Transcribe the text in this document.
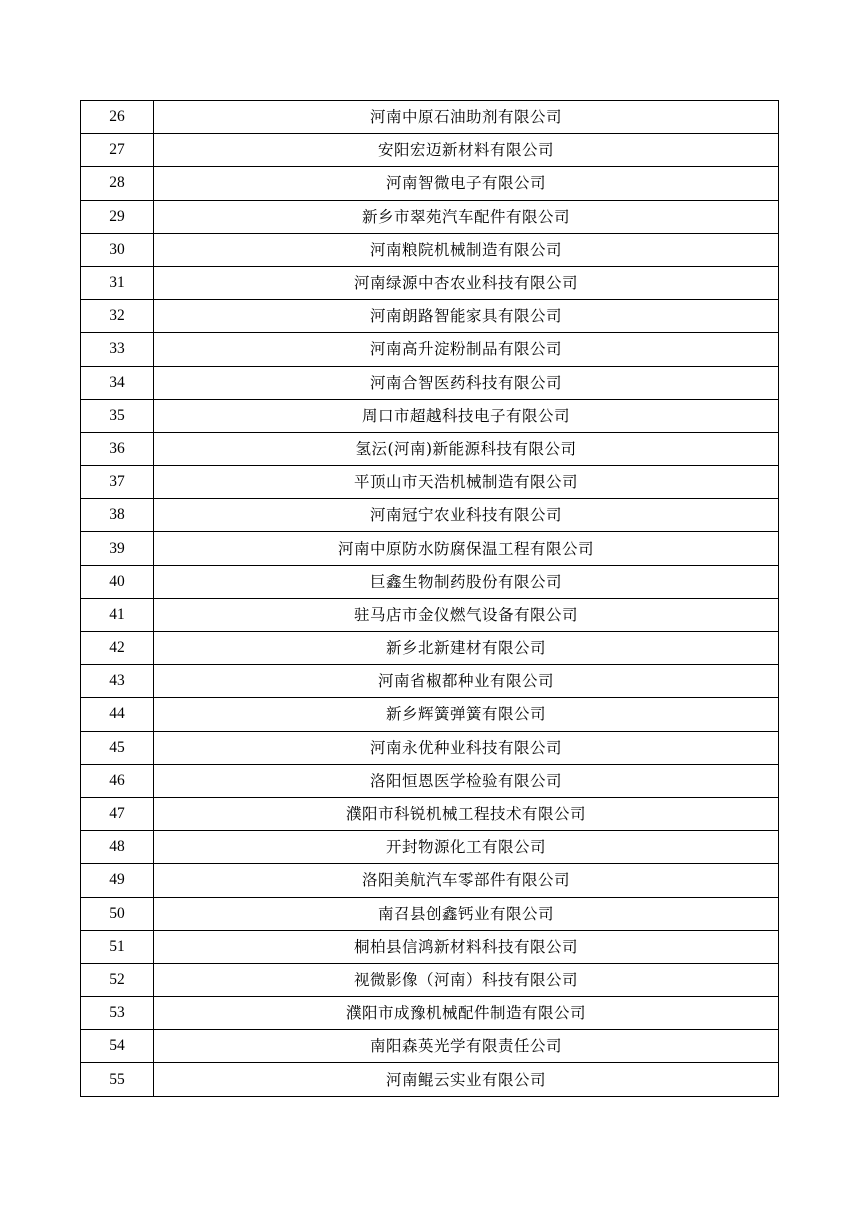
26	河南中原石油助剂有限公司
27	安阳宏迈新材料有限公司
28	河南智微电子有限公司
29	新乡市翠苑汽车配件有限公司
30	河南粮院机械制造有限公司
31	河南绿源中杏农业科技有限公司
32	河南朗路智能家具有限公司
33	河南高升淀粉制品有限公司
34	河南合智医药科技有限公司
35	周口市超越科技电子有限公司
36	氢沄(河南)新能源科技有限公司
37	平顶山市天浩机械制造有限公司
38	河南冠宁农业科技有限公司
39	河南中原防水防腐保温工程有限公司
40	巨鑫生物制药股份有限公司
41	驻马店市金仪燃气设备有限公司
42	新乡北新建材有限公司
43	河南省椒都种业有限公司
44	新乡辉簧弹簧有限公司
45	河南永优种业科技有限公司
46	洛阳恒恩医学检验有限公司
47	濮阳市科锐机械工程技术有限公司
48	开封物源化工有限公司
49	洛阳美航汽车零部件有限公司
50	南召县创鑫钙业有限公司
51	桐柏县信鸿新材料科技有限公司
52	视微影像（河南）科技有限公司
53	濮阳市成豫机械配件制造有限公司
54	南阳森英光学有限责任公司
55	河南鲲云实业有限公司
